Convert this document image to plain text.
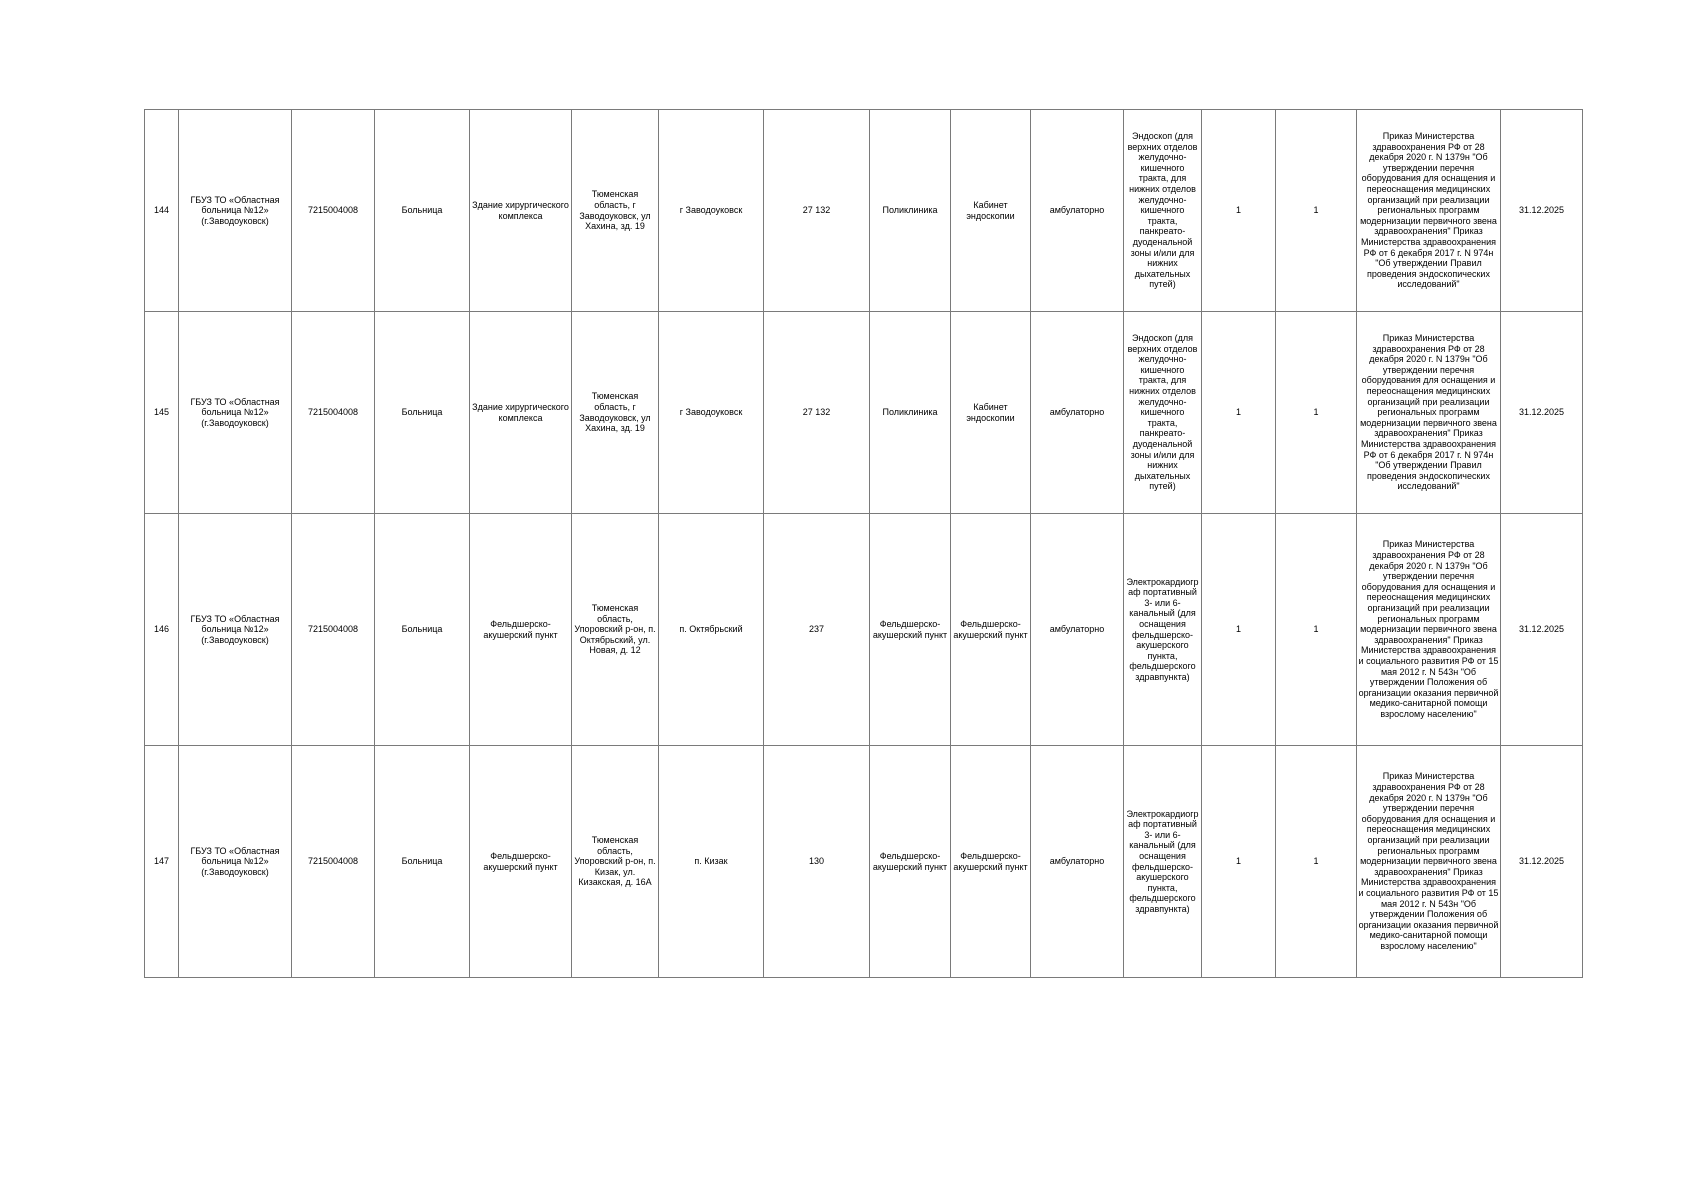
144	ГБУЗ ТО «Областная больница №12» (г.Заводоуковск)	7215004008	Больница	Здание хирургического комплекса	Тюменская область, г Заводоуковск, ул Хахина, зд. 19	г Заводоуковск	27 132	Поликлиника	Кабинет эндоскопии	амбулаторно	Эндоскоп (для верхних отделов желудочно-кишечного тракта, для нижних отделов желудочно-кишечного тракта, панкреато-дуоденальной зоны и/или для нижних дыхательных путей)	1	1	Приказ Министерства здравоохранения РФ от 28 декабря 2020 г. N 1379н "Об утверждении перечня оборудования для оснащения и переоснащения медицинских организаций при реализации региональных программ модернизации первичного звена здравоохранения" Приказ Министерства здравоохранения РФ от 6 декабря 2017 г. N 974н "Об утверждении Правил проведения эндоскопических исследований"	31.12.2025
145	ГБУЗ ТО «Областная больница №12» (г.Заводоуковск)	7215004008	Больница	Здание хирургического комплекса	Тюменская область, г Заводоуковск, ул Хахина, зд. 19	г Заводоуковск	27 132	Поликлиника	Кабинет эндоскопии	амбулаторно	Эндоскоп (для верхних отделов желудочно-кишечного тракта, для нижних отделов желудочно-кишечного тракта, панкреато-дуоденальной зоны и/или для нижних дыхательных путей)	1	1	Приказ Министерства здравоохранения РФ от 28 декабря 2020 г. N 1379н "Об утверждении перечня оборудования для оснащения и переоснащения медицинских организаций при реализации региональных программ модернизации первичного звена здравоохранения" Приказ Министерства здравоохранения РФ от 6 декабря 2017 г. N 974н "Об утверждении Правил проведения эндоскопических исследований"	31.12.2025
146	ГБУЗ ТО «Областная больница №12» (г.Заводоуковск)	7215004008	Больница	Фельдшерско-акушерский пункт	Тюменская область, Упоровский р-он, п. Октябрьский, ул. Новая, д. 12	п. Октябрьский	237	Фельдшерско-акушерский пункт	Фельдшерско-акушерский пункт	амбулаторно	Электрокардиограф портативный 3- или 6-канальный (для оснащения фельдшерско-акушерского пункта, фельдшерского здравпункта)	1	1	Приказ Министерства здравоохранения РФ от 28 декабря 2020 г. N 1379н "Об утверждении перечня оборудования для оснащения и переоснащения медицинских организаций при реализации региональных программ модернизации первичного звена здравоохранения" Приказ Министерства здравоохранения и социального развития РФ от 15 мая 2012 г. N 543н "Об утверждении Положения об организации оказания первичной медико-санитарной помощи взрослому населению"	31.12.2025
147	ГБУЗ ТО «Областная больница №12» (г.Заводоуковск)	7215004008	Больница	Фельдшерско-акушерский пункт	Тюменская область, Упоровский р-он, п. Кизак, ул. Кизакская, д. 16А	п. Кизак	130	Фельдшерско-акушерский пункт	Фельдшерско-акушерский пункт	амбулаторно	Электрокардиограф портативный 3- или 6-канальный (для оснащения фельдшерско-акушерского пункта, фельдшерского здравпункта)	1	1	Приказ Министерства здравоохранения РФ от 28 декабря 2020 г. N 1379н "Об утверждении перечня оборудования для оснащения и переоснащения медицинских организаций при реализации региональных программ модернизации первичного звена здравоохранения" Приказ Министерства здравоохранения и социального развития РФ от 15 мая 2012 г. N 543н "Об утверждении Положения об организации оказания первичной медико-санитарной помощи взрослому населению"	31.12.2025
